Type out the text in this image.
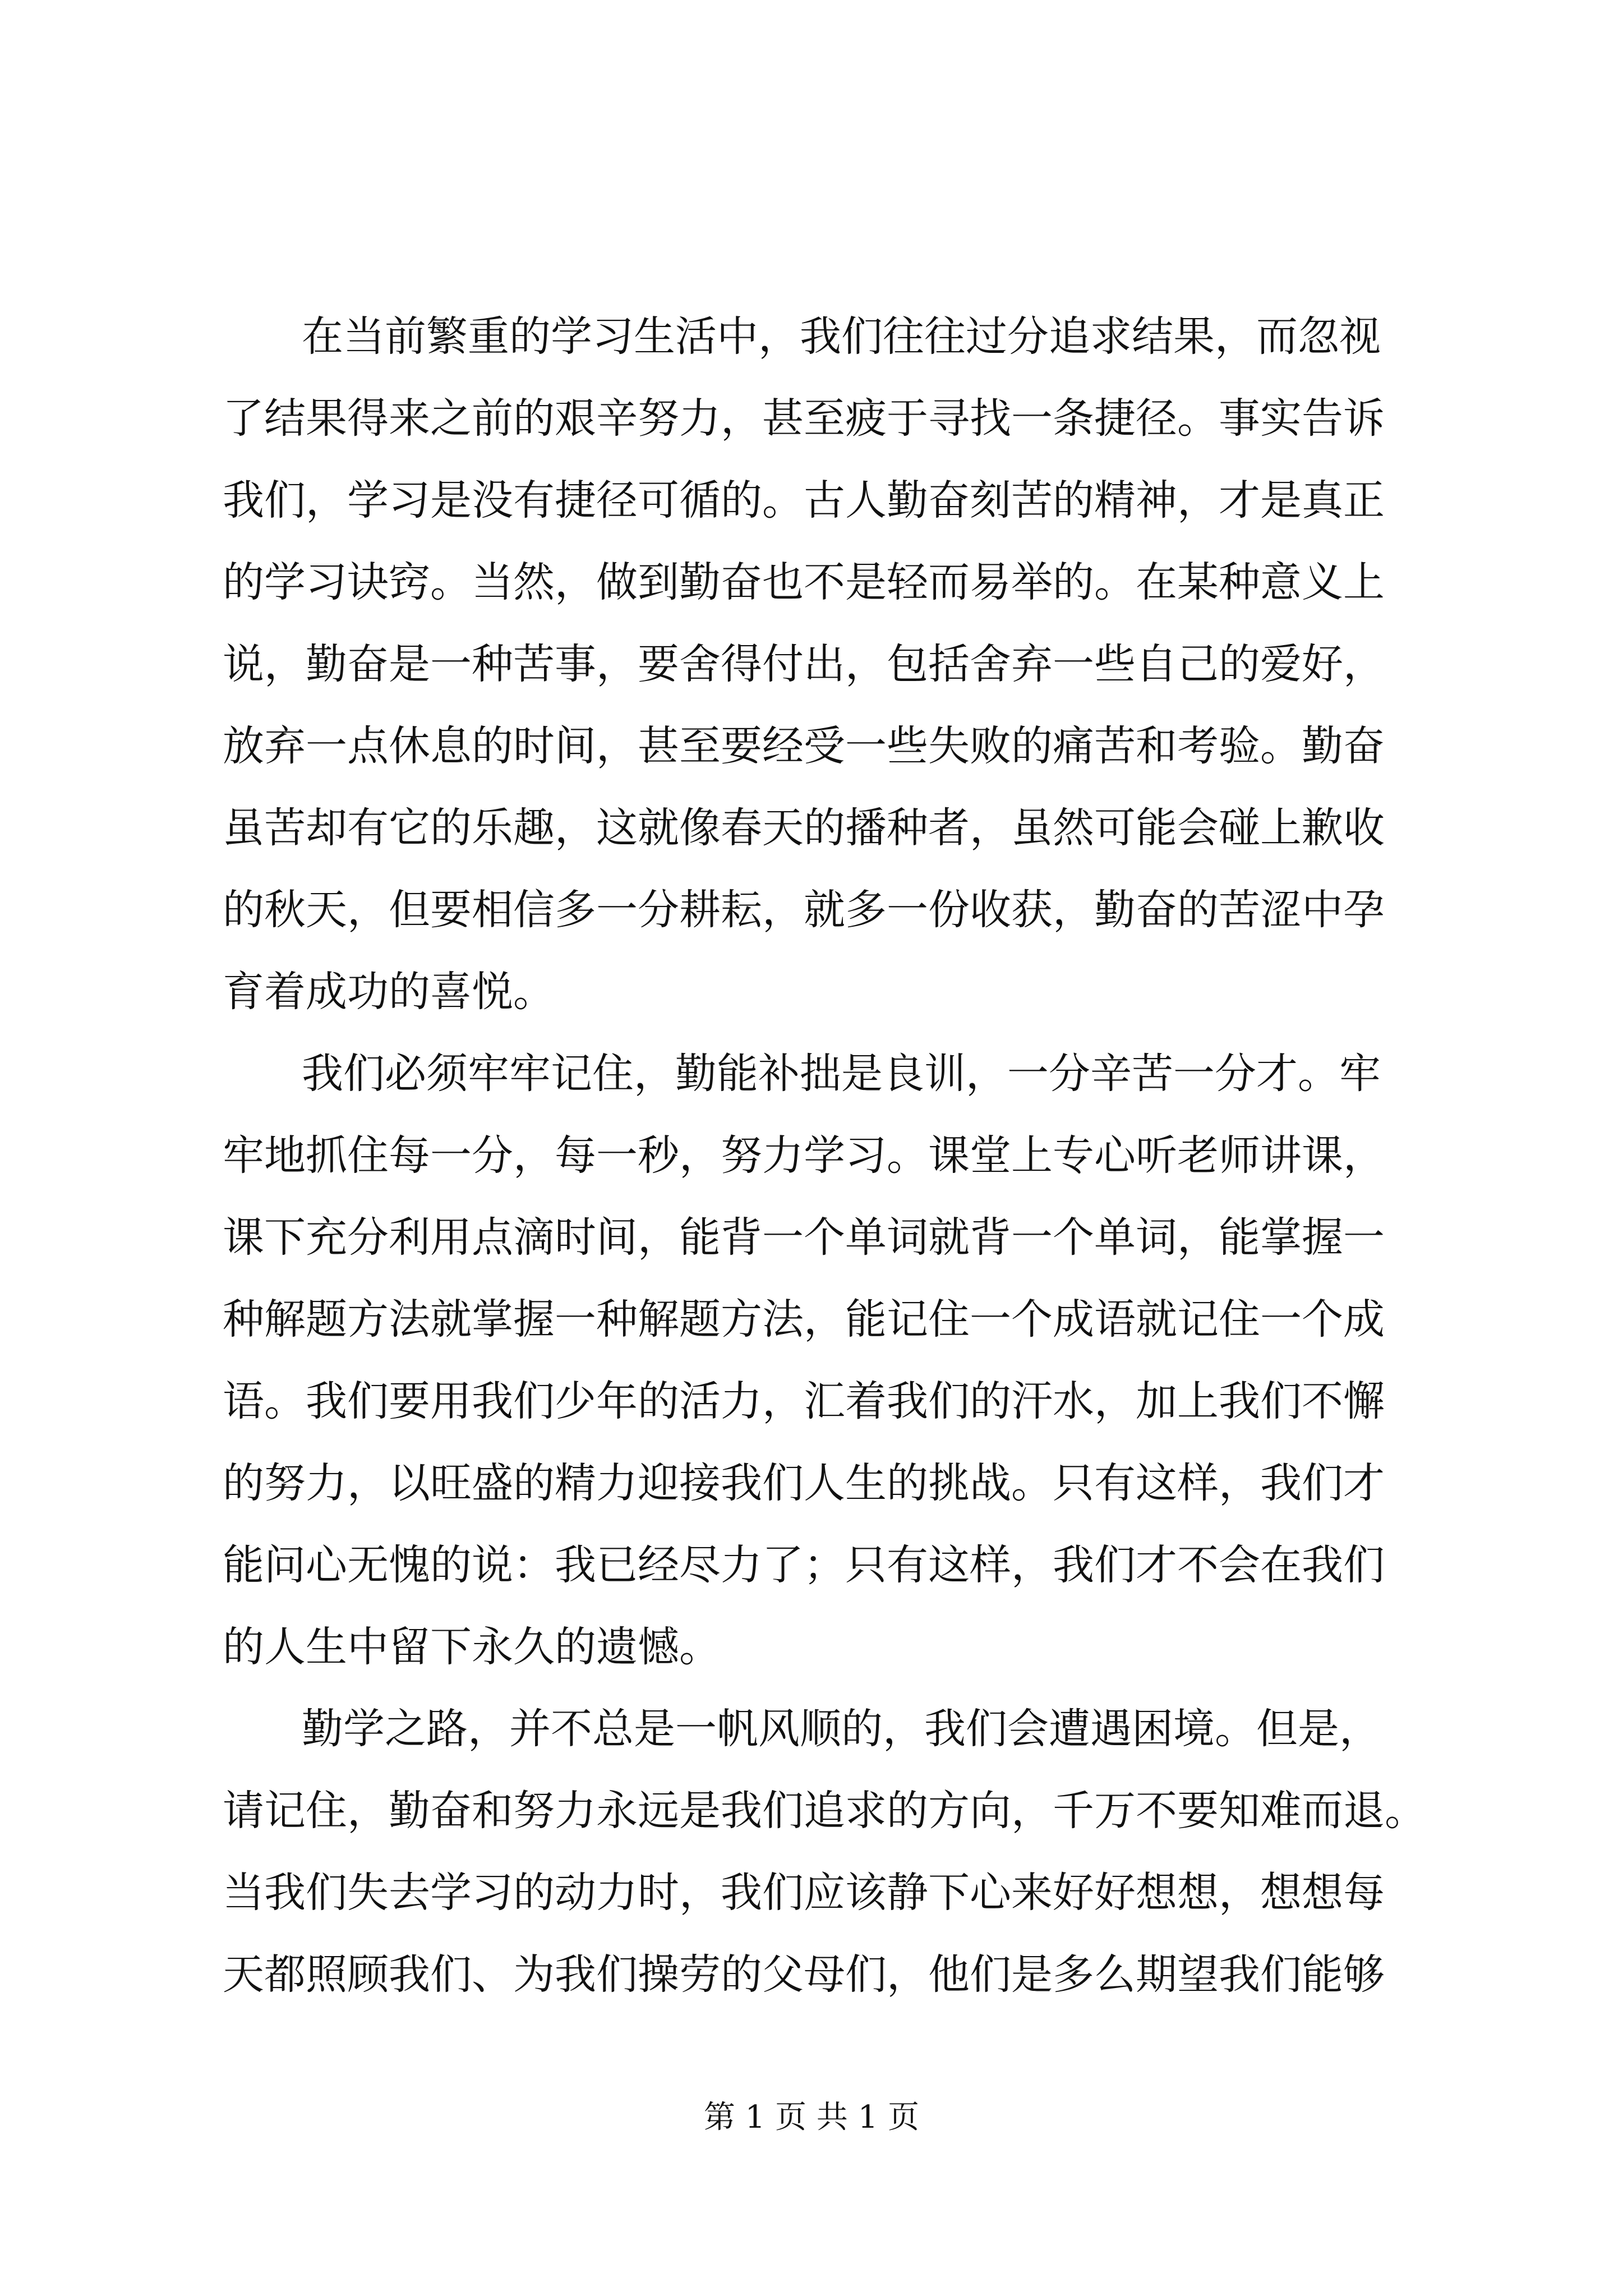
在当前繁重的学习生活中，我们往往过分追求结果，而忽视
了结果得来之前的艰辛努力，甚至疲于寻找一条捷径。事实告诉
我们，学习是没有捷径可循的。古人勤奋刻苦的精神，才是真正
的学习诀窍。当然，做到勤奋也不是轻而易举的。在某种意义上
说，勤奋是一种苦事，要舍得付出，包括舍弃一些自己的爱好，
放弃一点休息的时间，甚至要经受一些失败的痛苦和考验。勤奋
虽苦却有它的乐趣，这就像春天的播种者，虽然可能会碰上歉收
的秋天，但要相信多一分耕耘，就多一份收获，勤奋的苦涩中孕
育着成功的喜悦。
我们必须牢牢记住，勤能补拙是良训，一分辛苦一分才。牢
牢地抓住每一分，每一秒，努力学习。课堂上专心听老师讲课，
课下充分利用点滴时间，能背一个单词就背一个单词，能掌握一
种解题方法就掌握一种解题方法，能记住一个成语就记住一个成
语。我们要用我们少年的活力，汇着我们的汗水，加上我们不懈
的努力，以旺盛的精力迎接我们人生的挑战。只有这样，我们才
能问心无愧的说：我已经尽力了；只有这样，我们才不会在我们
的人生中留下永久的遗憾。
勤学之路，并不总是一帆风顺的，我们会遭遇困境。但是，
请记住，勤奋和努力永远是我们追求的方向，千万不要知难而退。
当我们失去学习的动力时，我们应该静下心来好好想想，想想每
天都照顾我们、为我们操劳的父母们，他们是多么期望我们能够
第 1 页 共 1 页
